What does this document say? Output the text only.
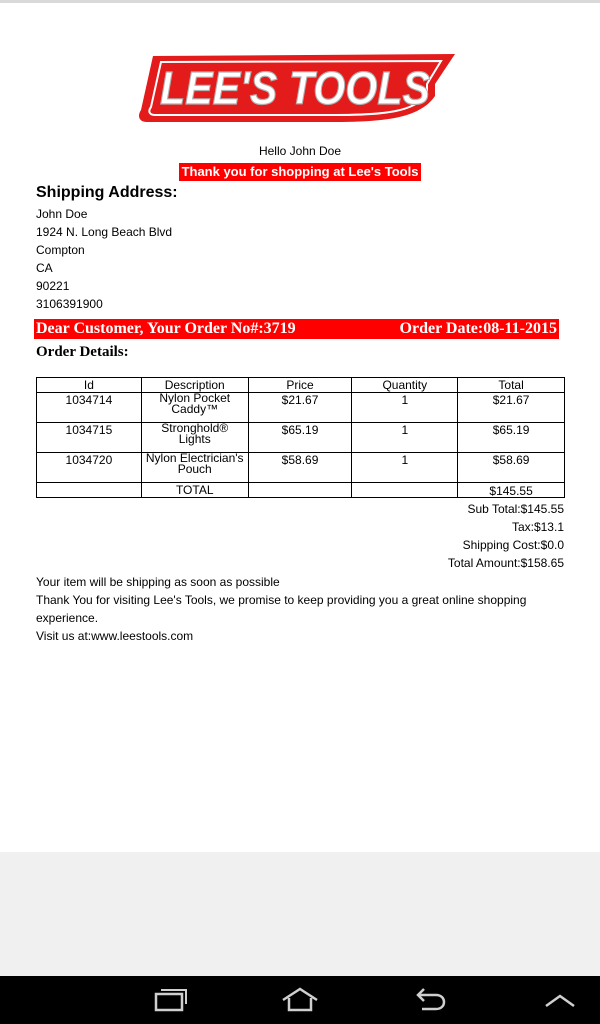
LEE'S TOOLS
Hello John Doe
Thank you for shopping at Lee's Tools
Shipping Address:
John Doe
1924 N. Long Beach Blvd
Compton
CA
90221
3106391900
Dear Customer, Your Order No#:3719	Order Date:08-11-2015
Order Details:
Id	Description	Price	Quantity	Total
1034714	Nylon Pocket Caddy™	$21.67	1	$21.67
1034715	Stronghold® Lights	$65.19	1	$65.19
1034720	Nylon Electrician's Pouch	$58.69	1	$58.69
	TOTAL			$145.55
Sub Total:$145.55
Tax:$13.1
Shipping Cost:$0.0
Total Amount:$158.65
Your item will be shipping as soon as possible
Thank You for visiting Lee's Tools, we promise to keep providing you a great online shopping experience.
Visit us at:www.leestools.com
